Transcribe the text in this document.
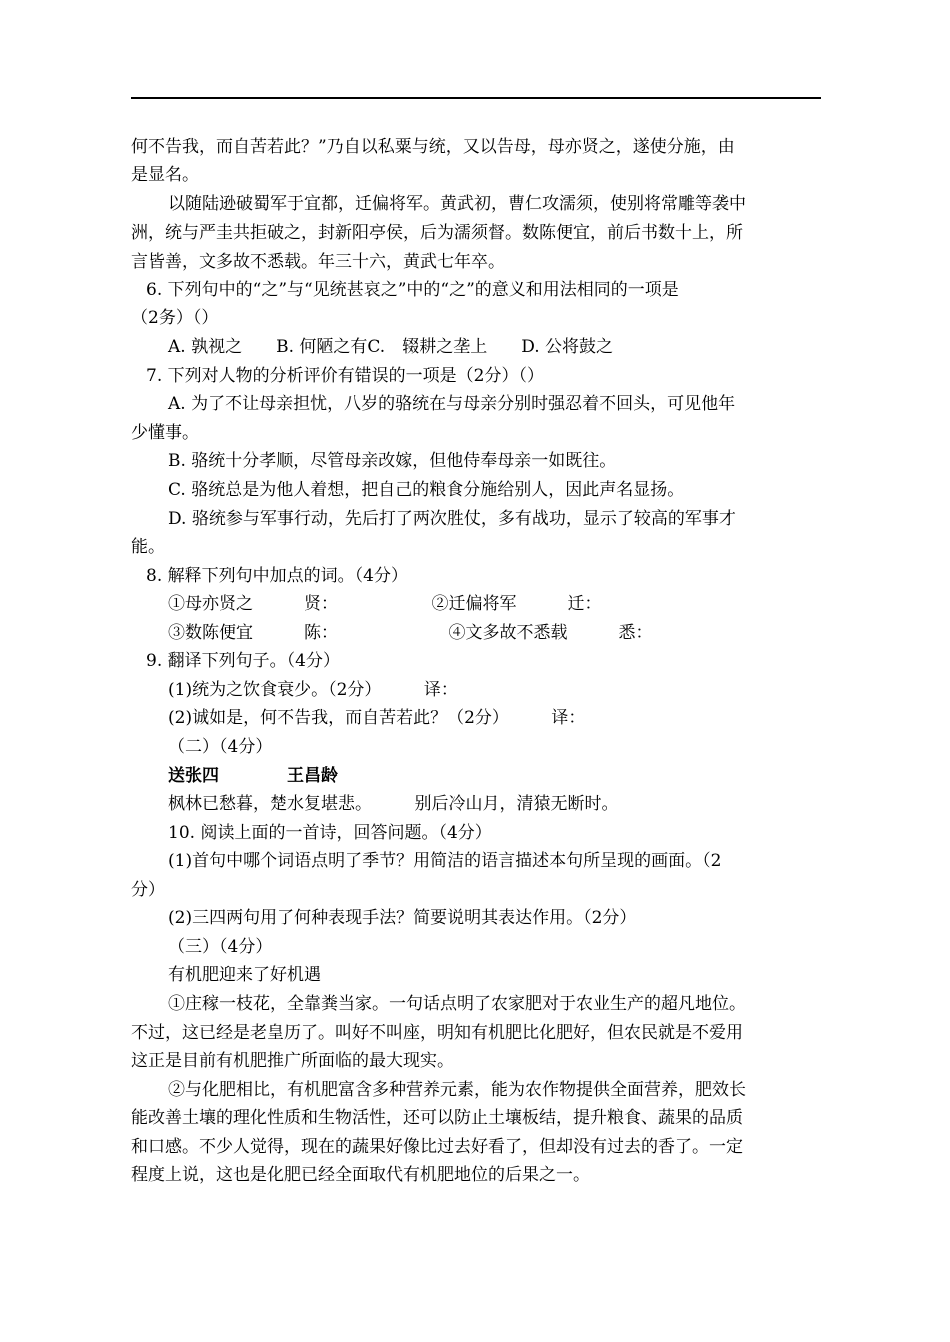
何不告我，而自苦若此？”乃自以私粟与统，又以告母，母亦贤之，遂使分施，由
是显名。
以随陆逊破蜀军于宜都，迁偏将军。黄武初，曹仁攻濡须，使别将常雕等袭中
洲，统与严圭共拒破之，封新阳亭侯，后为濡须督。数陈便宜，前后书数十上，所
言皆善，文多故不悉载。年三十六，黄武七年卒。
6. 下列句中的“之”与“见统甚哀之”中的“之”的意义和用法相同的一项是
（2务）（）
A. 孰视之　　B. 何陋之有C.　辍耕之垄上　　D. 公将鼓之
7. 下列对人物的分析评价有错误的一项是（2分）（）
A. 为了不让母亲担忧，八岁的骆统在与母亲分别时强忍着不回头，可见他年
少懂事。
B. 骆统十分孝顺，尽管母亲改嫁，但他侍奉母亲一如既往。
C. 骆统总是为他人着想，把自己的粮食分施给别人，因此声名显扬。
D. 骆统参与军事行动，先后打了两次胜仗，多有战功，显示了较高的军事才
能。
8. 解释下列句中加点的词。（4分）
①母亦贤之　　　贤：　　　　　　②迁偏将军　　　迁：
③数陈便宜　　　陈：　　　　　　　④文多故不悉载　　　悉：
9. 翻译下列句子。（4分）
(1)统为之饮食衰少。（2分）　　　译：
(2)诚如是，何不告我，而自苦若此？（2分）　　　译：
（二）（4分）
送张四　　　　王昌龄
枫林已愁暮，楚水复堪悲。　　　别后冷山月，清猿无断时。
10. 阅读上面的一首诗，回答问题。（4分）
(1)首句中哪个词语点明了季节？用简洁的语言描述本句所呈现的画面。（2
分）
(2)三四两句用了何种表现手法？简要说明其表达作用。（2分）
（三）（4分）
有机肥迎来了好机遇
①庄稼一枝花，全靠粪当家。一句话点明了农家肥对于农业生产的超凡地位。
不过，这已经是老皇历了。叫好不叫座，明知有机肥比化肥好，但农民就是不爱用
这正是目前有机肥推广所面临的最大现实。
②与化肥相比，有机肥富含多种营养元素，能为农作物提供全面营养，肥效长
能改善土壤的理化性质和生物活性，还可以防止土壤板结，提升粮食、蔬果的品质
和口感。不少人觉得，现在的蔬果好像比过去好看了，但却没有过去的香了。一定
程度上说，这也是化肥已经全面取代有机肥地位的后果之一。
